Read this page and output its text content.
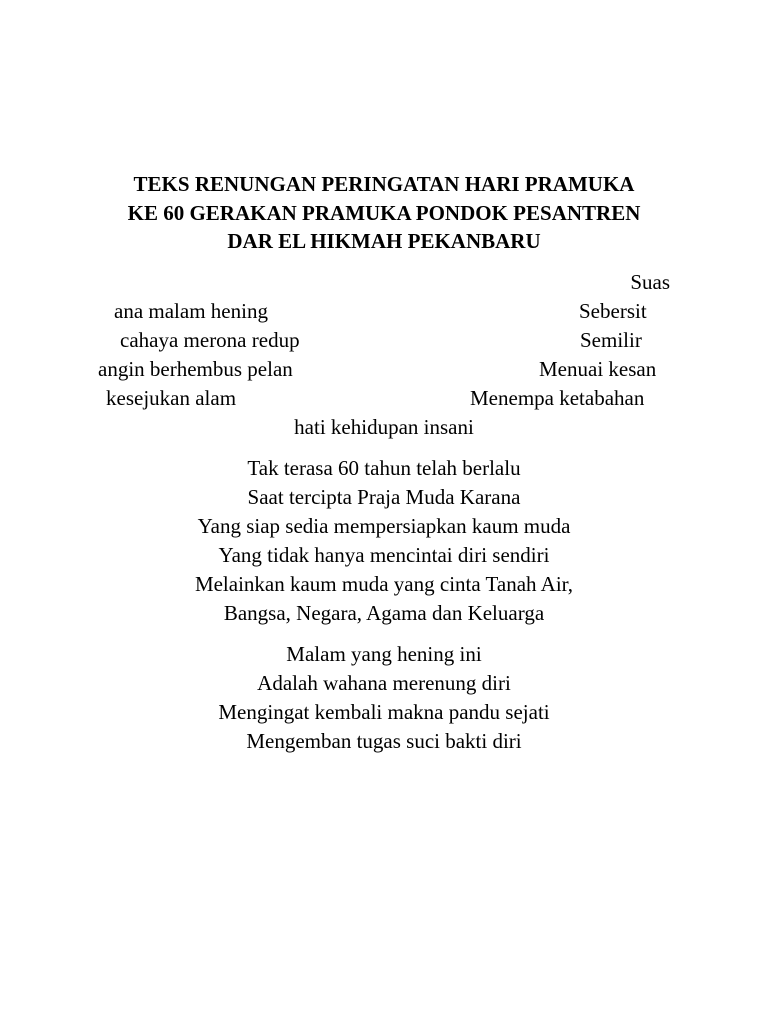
TEKS RENUNGAN PERINGATAN HARI PRAMUKA
KE 60 GERAKAN PRAMUKA PONDOK PESANTREN
DAR EL HIKMAH PEKANBARU

Suas

ana malam hening	Sebersit

cahaya merona redup	Semilir

angin berhembus pelan	Menuai kesan

kesejukan alam	Menempa ketabahan

hati kehidupan insani

Tak terasa 60 tahun telah berlalu
Saat tercipta Praja Muda Karana
Yang siap sedia mempersiapkan kaum muda
Yang tidak hanya mencintai diri sendiri
Melainkan kaum muda yang cinta Tanah Air,
Bangsa, Negara, Agama dan Keluarga
Malam yang hening ini
Adalah wahana merenung diri
Mengingat kembali makna pandu sejati
Mengemban tugas suci bakti diri
